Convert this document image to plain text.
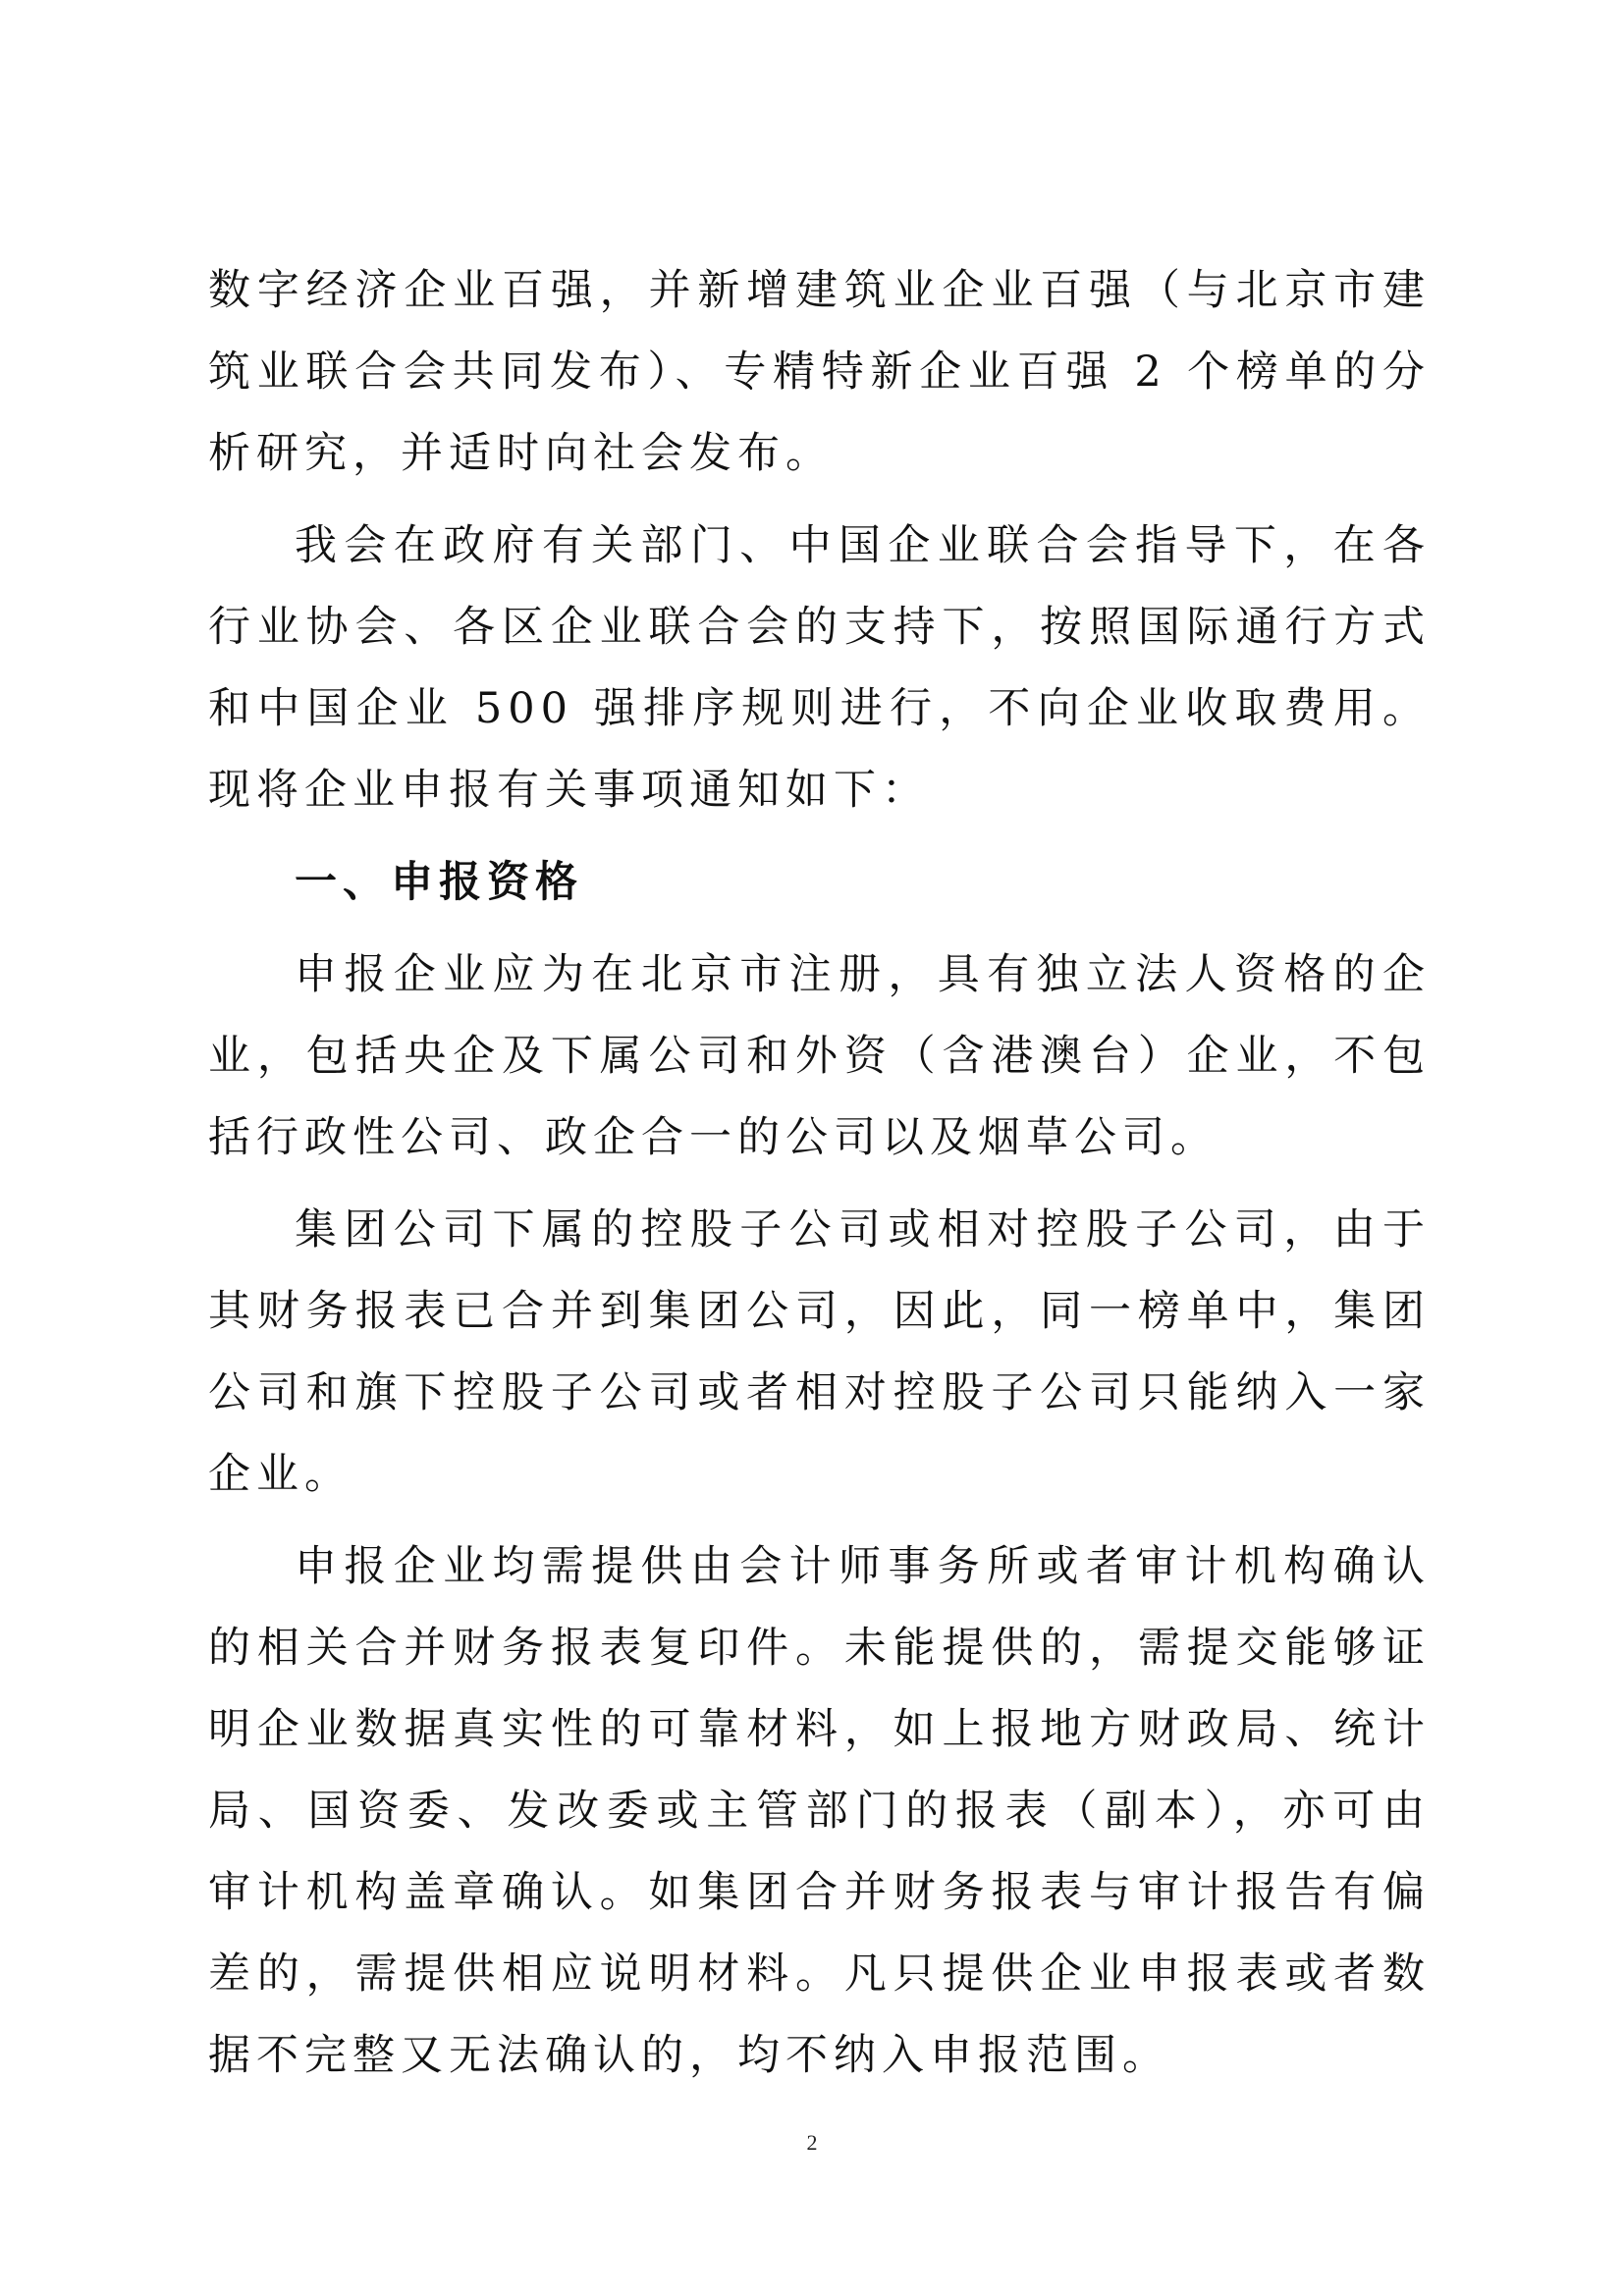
数字经济企业百强，并新增建筑业企业百强（与北京市建筑业联合会共同发布）、专精特新企业百强 2 个榜单的分析研究，并适时向社会发布。

我会在政府有关部门、中国企业联合会指导下，在各行业协会、各区企业联合会的支持下，按照国际通行方式和中国企业 500 强排序规则进行，不向企业收取费用。现将企业申报有关事项通知如下：

一、申报资格

申报企业应为在北京市注册，具有独立法人资格的企业，包括央企及下属公司和外资（含港澳台）企业，不包括行政性公司、政企合一的公司以及烟草公司。

集团公司下属的控股子公司或相对控股子公司，由于其财务报表已合并到集团公司，因此，同一榜单中，集团公司和旗下控股子公司或者相对控股子公司只能纳入一家企业。

申报企业均需提供由会计师事务所或者审计机构确认的相关合并财务报表复印件。未能提供的，需提交能够证明企业数据真实性的可靠材料，如上报地方财政局、统计局、国资委、发改委或主管部门的报表（副本），亦可由审计机构盖章确认。如集团合并财务报表与审计报告有偏差的，需提供相应说明材料。凡只提供企业申报表或者数据不完整又无法确认的，均不纳入申报范围。

2
